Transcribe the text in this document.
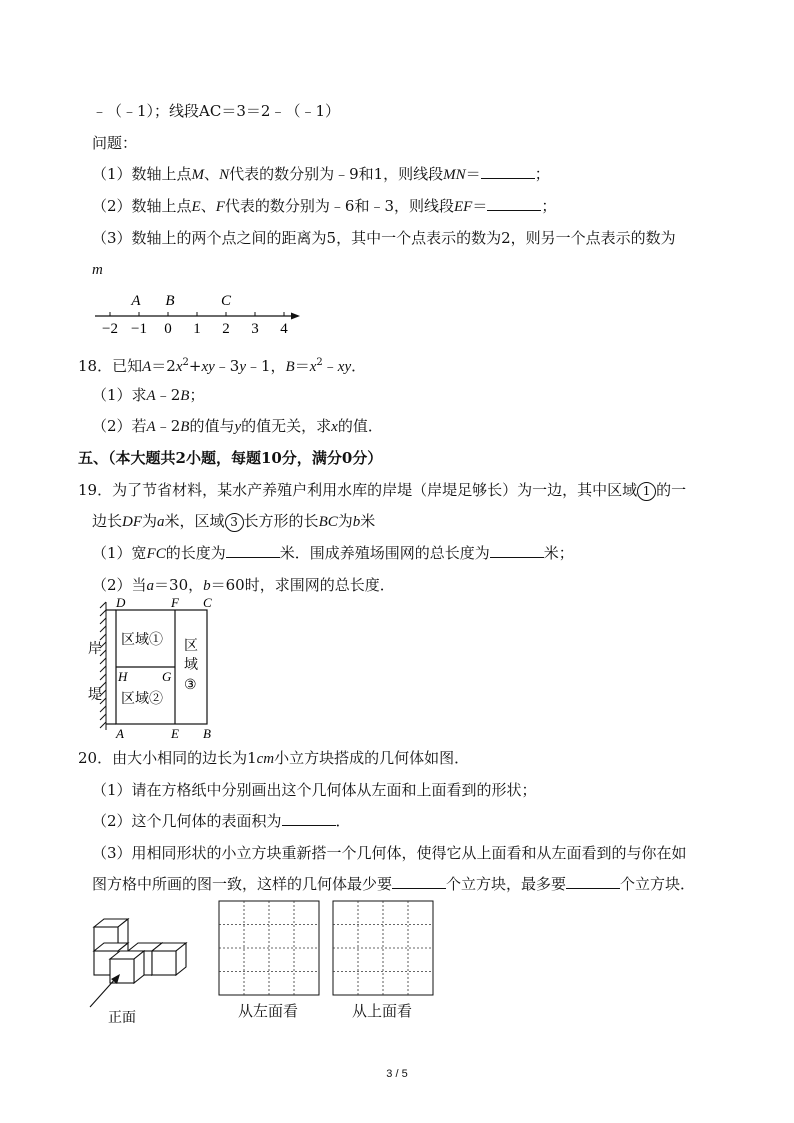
﹣（﹣1）；线段AC＝3＝2﹣（﹣1）
问题：
（1）数轴上点M、N代表的数分别为﹣9和1，则线段MN＝	；
（2）数轴上点E、F代表的数分别为﹣6和﹣3，则线段EF＝	；
（3）数轴上的两个点之间的距离为5，其中一个点表示的数为2，则另一个点表示的数为
m
A B	C
−2 −1 0 1 2 3 4
18．已知$A=2x^2+xy﹣3y﹣1$，$B=x^2﹣xy$．
（1）求A﹣2B；
（2）若A﹣2B的值与y的值无关，求x的值．
五、（本大题共2小题，每题10分，满分0分）
19．为了节省材料，某水产养殖户利用水库的岸堤（岸堤足够长）为一边，其中区域 1 的一
边长DF为a米，区域 3 长方形的长BC为b米
（1）宽FC的长度为	米．围成养殖场围网的总长度为	米；
（2）当a＝30，b＝60时，求围网的总长度．
D	F C
H	G
A	E B
区域①
区域②
区
域
③
岸
堤
20．由大小相同的边长为1cm小立方块搭成的几何体如图．
（1）请在方格纸中分别画出这个几何体从左面和上面看到的形状；
（2）这个几何体的表面积为	．
（3）用相同形状的小立方块重新搭一个几何体，使得它从上面看和从左面看到的与你在如
图方格中所画的图一致，这样的几何体最少要	个立方块，最多要	个立方块．
正面	从左面看	从上面看
3 / 5
